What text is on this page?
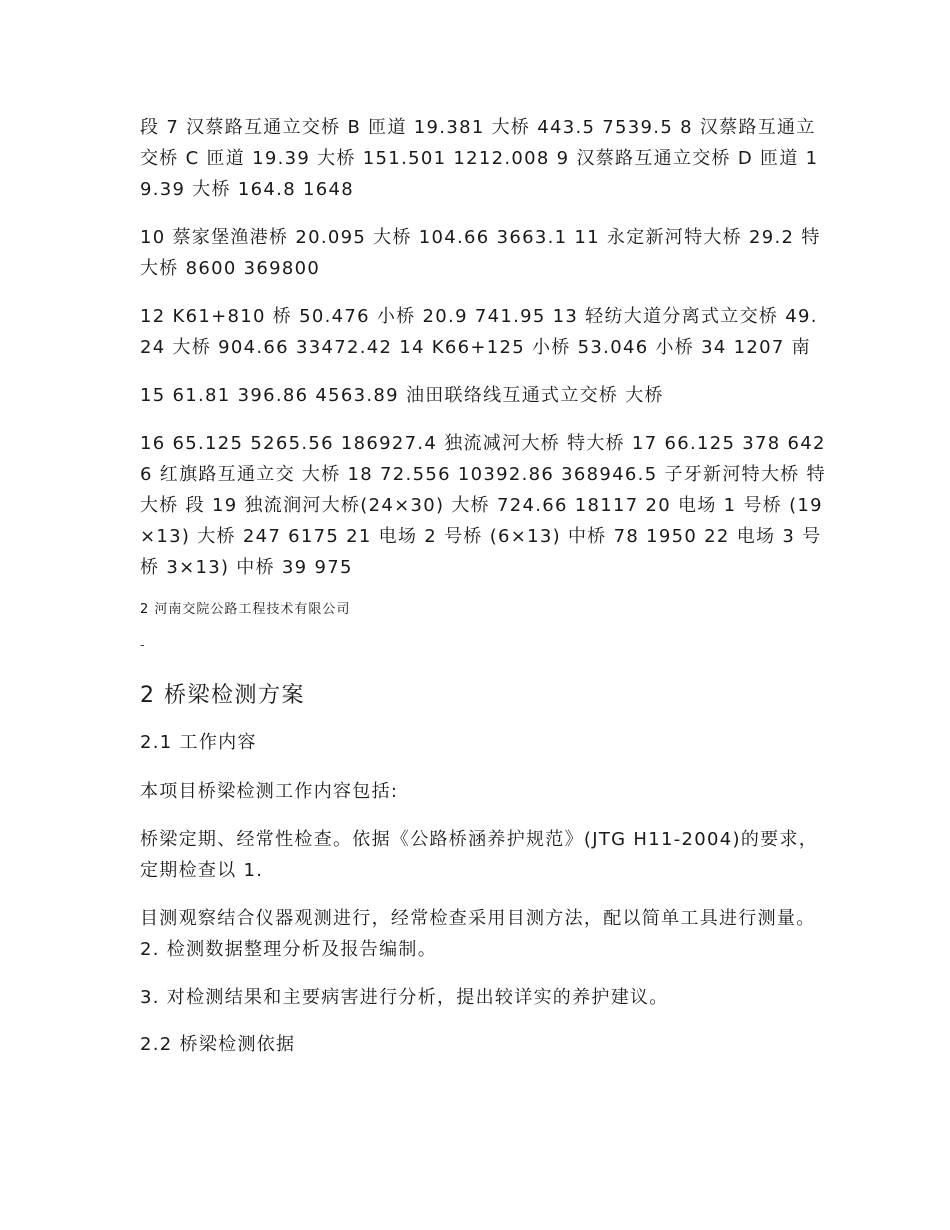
段 7 汉蔡路互通立交桥 B 匝道 19.381 大桥 443.5 7539.5 8 汉蔡路互通立交桥 C 匝道 19.39 大桥 151.501 1212.008 9 汉蔡路互通立交桥 D 匝道 19.39 大桥 164.8 1648

10 蔡家堡渔港桥 20.095 大桥 104.66 3663.1 11 永定新河特大桥 29.2 特大桥 8600 369800

12 K61+810 桥 50.476 小桥 20.9 741.95 13 轻纺大道分离式立交桥 49.24 大桥 904.66 33472.42 14 K66+125 小桥 53.046 小桥 34 1207 南

15 61.81 396.86 4563.89 油田联络线互通式立交桥 大桥

16 65.125 5265.56 186927.4 独流减河大桥 特大桥 17 66.125 378 6426 红旗路互通立交 大桥 18 72.556 10392.86 368946.5 子牙新河特大桥 特大桥 段 19 独流涧河大桥(24×30) 大桥 724.66 18117 20 电场 1 号桥 (19×13) 大桥 247 6175 21 电场 2 号桥 (6×13) 中桥 78 1950 22 电场 3 号桥 3×13) 中桥 39 975

2 河南交院公路工程技术有限公司

-

2 桥梁检测方案
2.1 工作内容

本项目桥梁检测工作内容包括:

桥梁定期、经常性检查。依据《公路桥涵养护规范》(JTG H11-2004)的要求，定期检查以 1.

目测观察结合仪器观测进行，经常检查采用目测方法，配以简单工具进行测量。 2. 检测数据整理分析及报告编制。

3. 对检测结果和主要病害进行分析，提出较详实的养护建议。

2.2 桥梁检测依据
